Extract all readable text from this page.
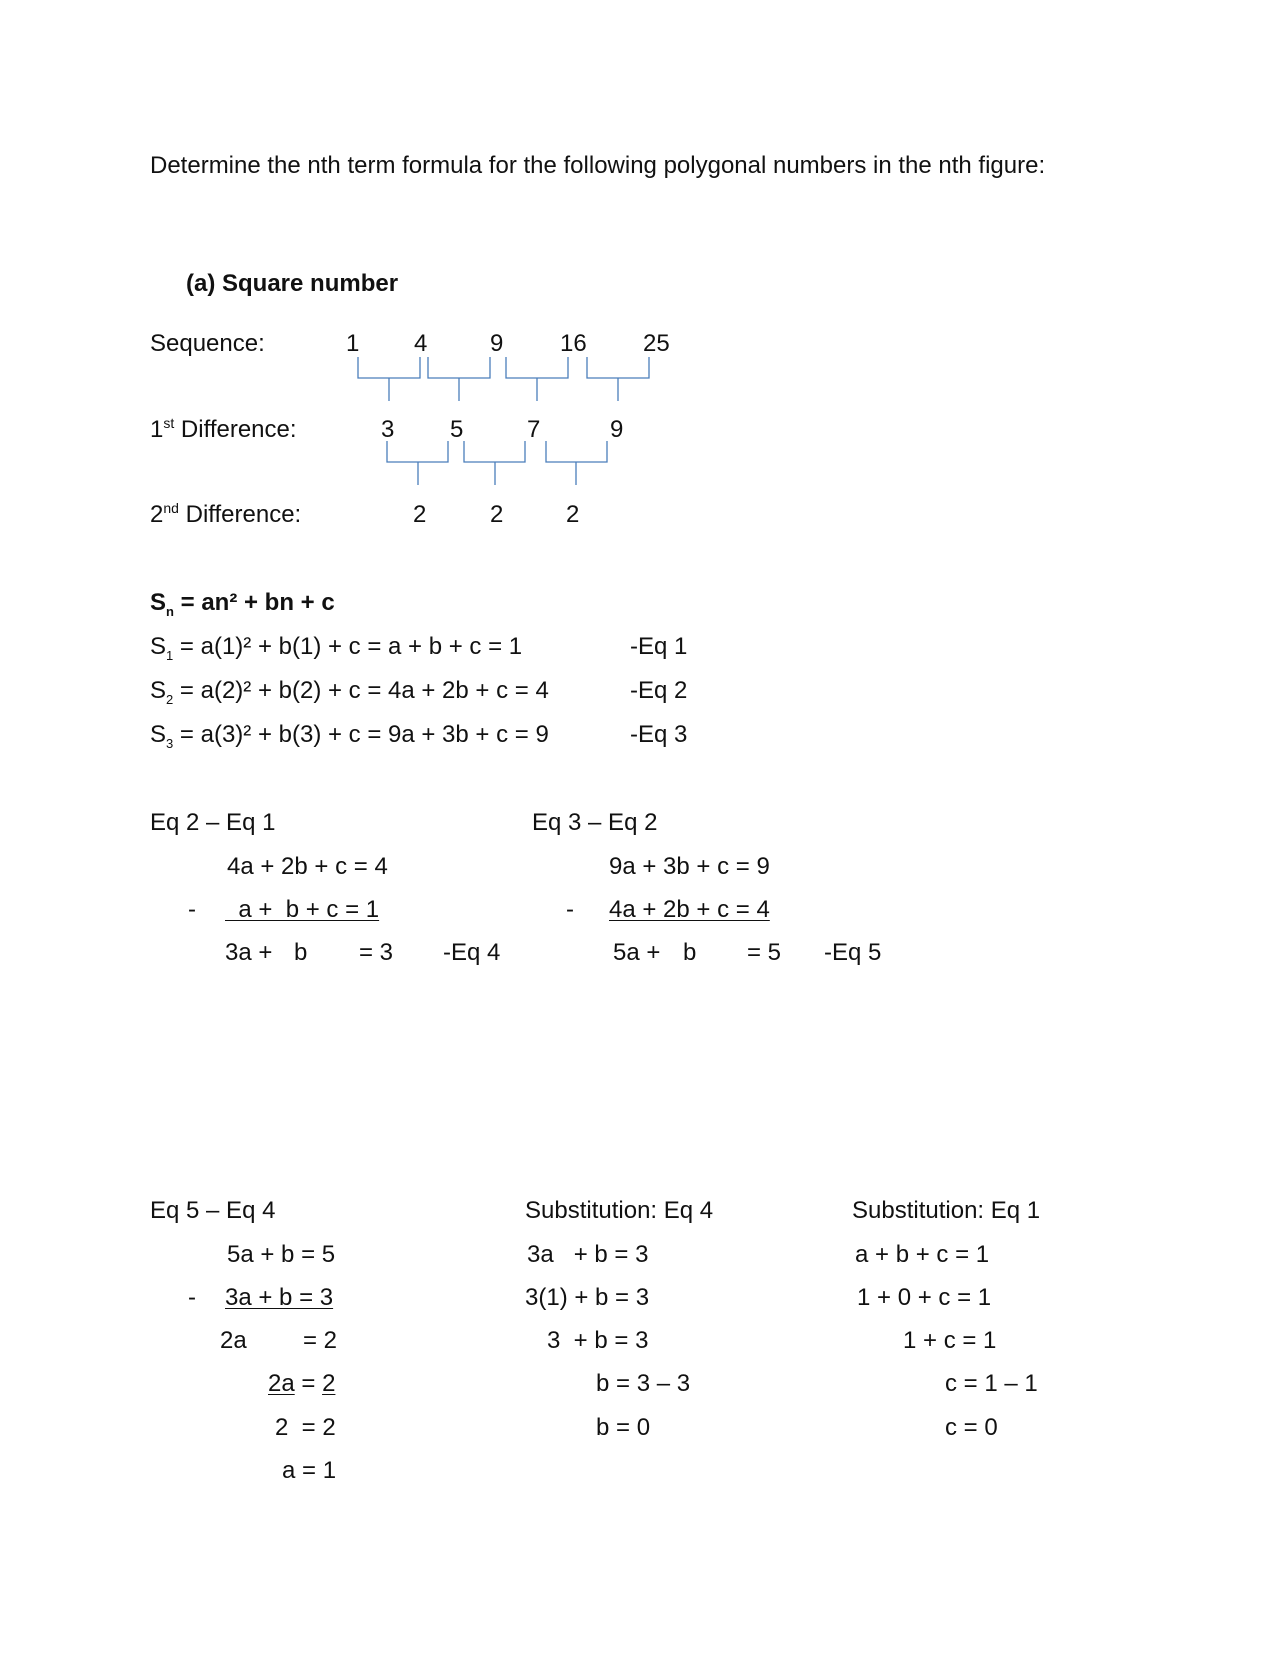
Determine the nth term formula for the following polygonal numbers in the nth figure:
(a) Square number
Sequence:	1 4	9 16 25
1st Difference:	3 5	7	9
2nd Difference:	2	2	2
$S_n = an^2$ + bn + c
$S_1 = a(1)^2 + b(1) + c = a + b + c = 1$	-Eq 1
$S_2 = a(2)^2 + b(2) + c = 4a + 2b + c = 4$	-Eq 2
$S_3 = a(3)^2 + b(3) + c = 9a + 3b + c = 9$	-Eq 3
Eq 2 – Eq 1
4a + 2b + c = 4
- a +  b + c = 1
3a + b = 3 -Eq 4
Eq 3 – Eq 2
9a + 3b + c = 9
- 4a + 2b + c = 4
5a + b = 5 -Eq 5
Eq 5 – Eq 4
5a + b = 5
- 3a + b = 3
2a = 2
2a = 2
2  = 2
a = 1
Substitution: Eq 4
3a   + b = 3
3(1) + b = 3
3  + b = 3
b = 3 – 3
b = 0
Substitution: Eq 1
a + b + c = 1
1 + 0 + c = 1
1 + c = 1
c = 1 – 1
c = 0
